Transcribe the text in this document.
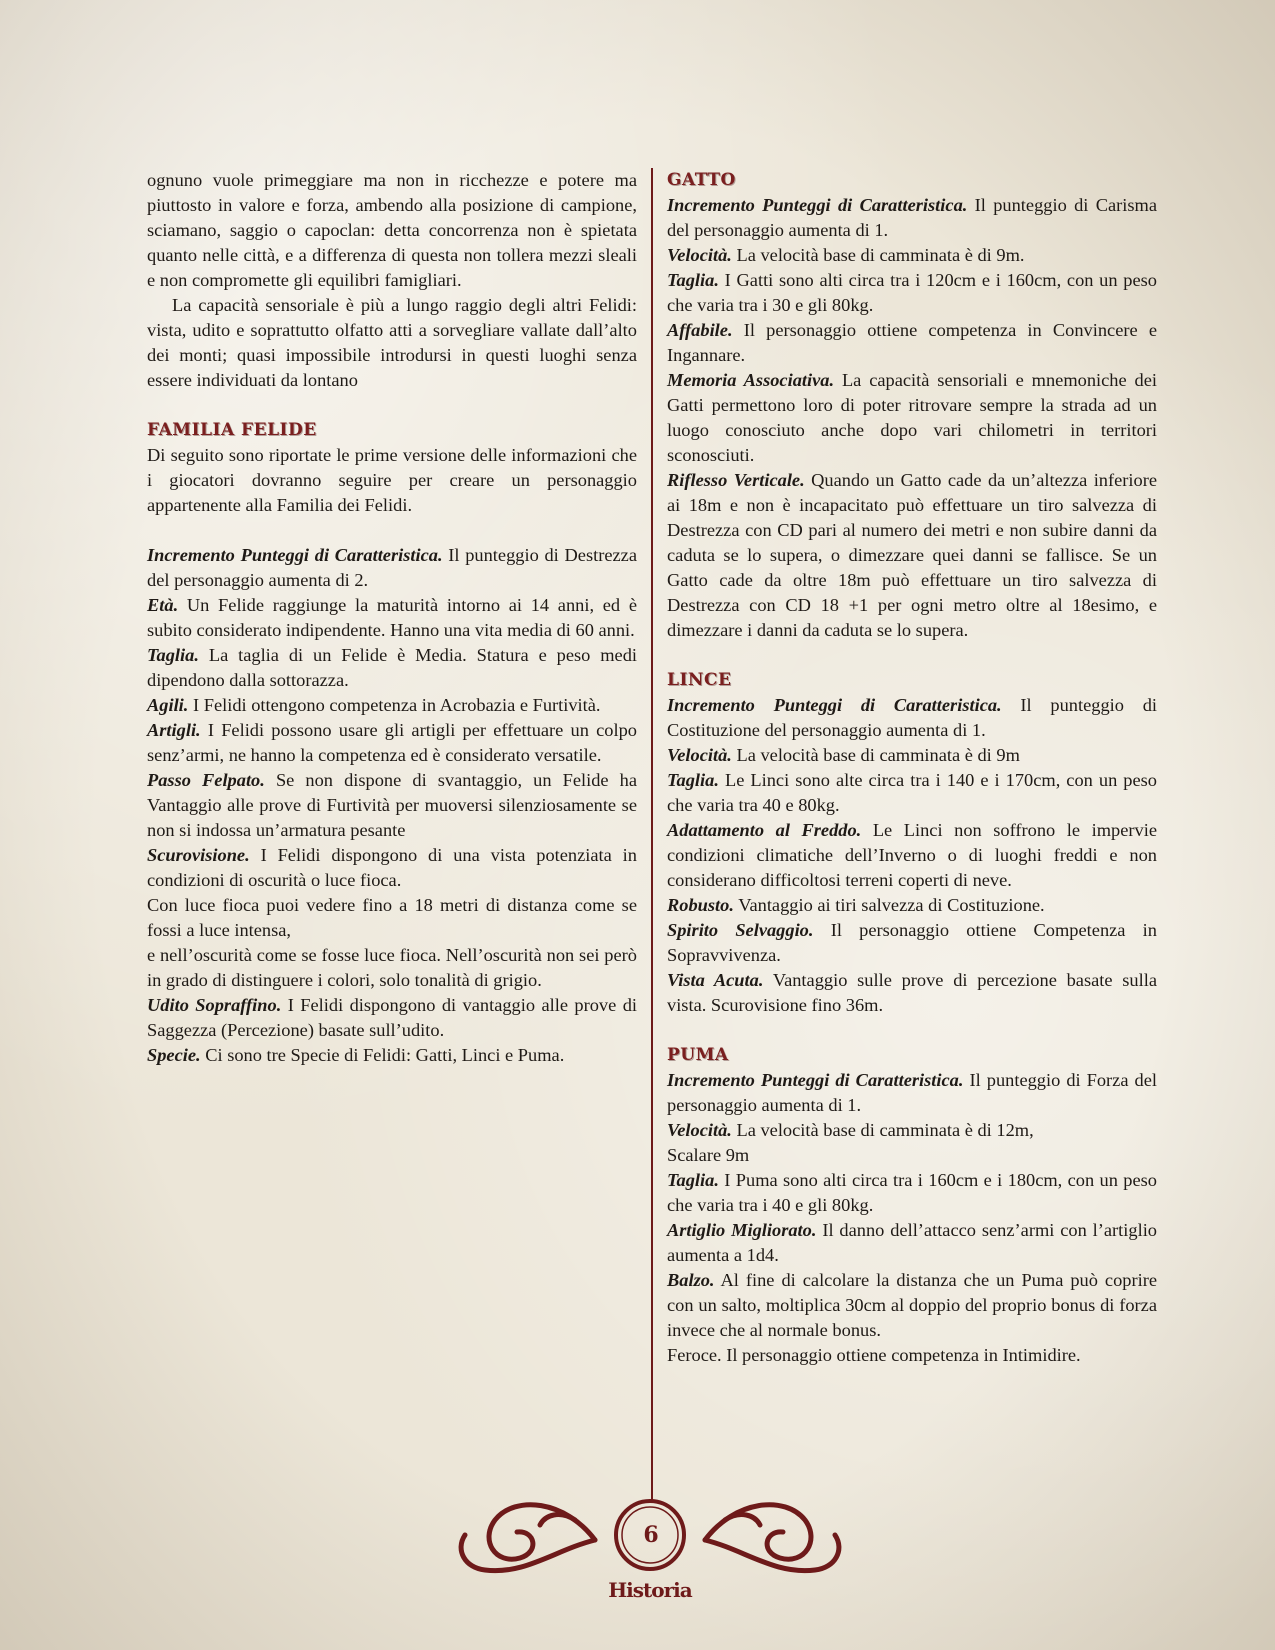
ognuno vuole primeggiare ma non in ricchezze e potere ma piuttosto in valore e forza, ambendo alla posizione di campione, sciamano, saggio o capoclan: detta concorrenza non è spietata quanto nelle città, e a differenza di questa non tollera mezzi sleali e non compromette gli equilibri famigliari.

La capacità sensoriale è più a lungo raggio degli altri Felidi: vista, udito e soprattutto olfatto atti a sorvegliare vallate dall’alto dei monti; quasi impossibile introdursi in questi luoghi senza essere individuati da lontano

FAMILIA FELIDE

Di seguito sono riportate le prime versione delle informazioni che i giocatori dovranno seguire per creare un personaggio appartenente alla Familia dei Felidi.

Incremento Punteggi di Caratteristica. Il punteggio di Destrezza del personaggio aumenta di 2.

Età. Un Felide raggiunge la maturità intorno ai 14 anni, ed è subito considerato indipendente. Hanno una vita media di 60 anni.

Taglia. La taglia di un Felide è Media. Statura e peso medi dipendono dalla sottorazza.

Agili. I Felidi ottengono competenza in Acrobazia e Furtività.

Artigli. I Felidi possono usare gli artigli per effettuare un colpo senz’armi, ne hanno la competenza ed è considerato versatile.

Passo Felpato. Se non dispone di svantaggio, un Felide ha Vantaggio alle prove di Furtività per muoversi silenziosamente se non si indossa un’armatura pesante

Scurovisione. I Felidi dispongono di una vista potenziata in condizioni di oscurità o luce fioca.

Con luce fioca puoi vedere fino a 18 metri di distanza come se fossi a luce intensa,

e nell’oscurità come se fosse luce fioca. Nell’oscurità non sei però in grado di distinguere i colori, solo tonalità di grigio.

Udito Sopraffino. I Felidi dispongono di vantaggio alle prove di Saggezza (Percezione) basate sull’udito.

Specie. Ci sono tre Specie di Felidi: Gatti, Linci e Puma.

GATTO

Incremento Punteggi di Caratteristica. Il punteggio di Carisma del personaggio aumenta di 1.

Velocità. La velocità base di camminata è di 9m.

Taglia. I Gatti sono alti circa tra i 120cm e i 160cm, con un peso che varia tra i 30 e gli 80kg.

Affabile. Il personaggio ottiene competenza in Convincere e Ingannare.

Memoria Associativa. La capacità sensoriali e mnemoniche dei Gatti permettono loro di poter ritrovare sempre la strada ad un luogo conosciuto anche dopo vari chilometri in territori sconosciuti.

Riflesso Verticale. Quando un Gatto cade da un’altezza inferiore ai 18m e non è incapacitato può effettuare un tiro salvezza di Destrezza con CD pari al numero dei metri e non subire danni da caduta se lo supera, o dimezzare quei danni se fallisce. Se un Gatto cade da oltre 18m può effettuare un tiro salvezza di Destrezza con CD 18 +1 per ogni metro oltre al 18esimo, e dimezzare i danni da caduta se lo supera.

LINCE

Incremento Punteggi di Caratteristica. Il punteggio di Costituzione del personaggio aumenta di 1.

Velocità. La velocità base di camminata è di 9m

Taglia. Le Linci sono alte circa tra i 140 e i 170cm, con un peso che varia tra 40 e 80kg.

Adattamento al Freddo. Le Linci non soffrono le impervie condizioni climatiche dell’Inverno o di luoghi freddi e non considerano difficoltosi terreni coperti di neve.

Robusto. Vantaggio ai tiri salvezza di Costituzione.

Spirito Selvaggio. Il personaggio ottiene Competenza in Sopravvivenza.

Vista Acuta. Vantaggio sulle prove di percezione basate sulla vista. Scurovisione fino 36m.

PUMA

Incremento Punteggi di Caratteristica. Il punteggio di Forza del personaggio aumenta di 1.

Velocità. La velocità base di camminata è di 12m,

Scalare 9m

Taglia. I Puma sono alti circa tra i 160cm e i 180cm, con un peso che varia tra i 40 e gli 80kg.

Artiglio Migliorato. Il danno dell’attacco senz’armi con l’artiglio aumenta a 1d4.

Balzo. Al fine di calcolare la distanza che un Puma può coprire con un salto, moltiplica 30cm al doppio del proprio bonus di forza invece che al normale bonus.

Feroce. Il personaggio ottiene competenza in Intimidire.

6
Historia
